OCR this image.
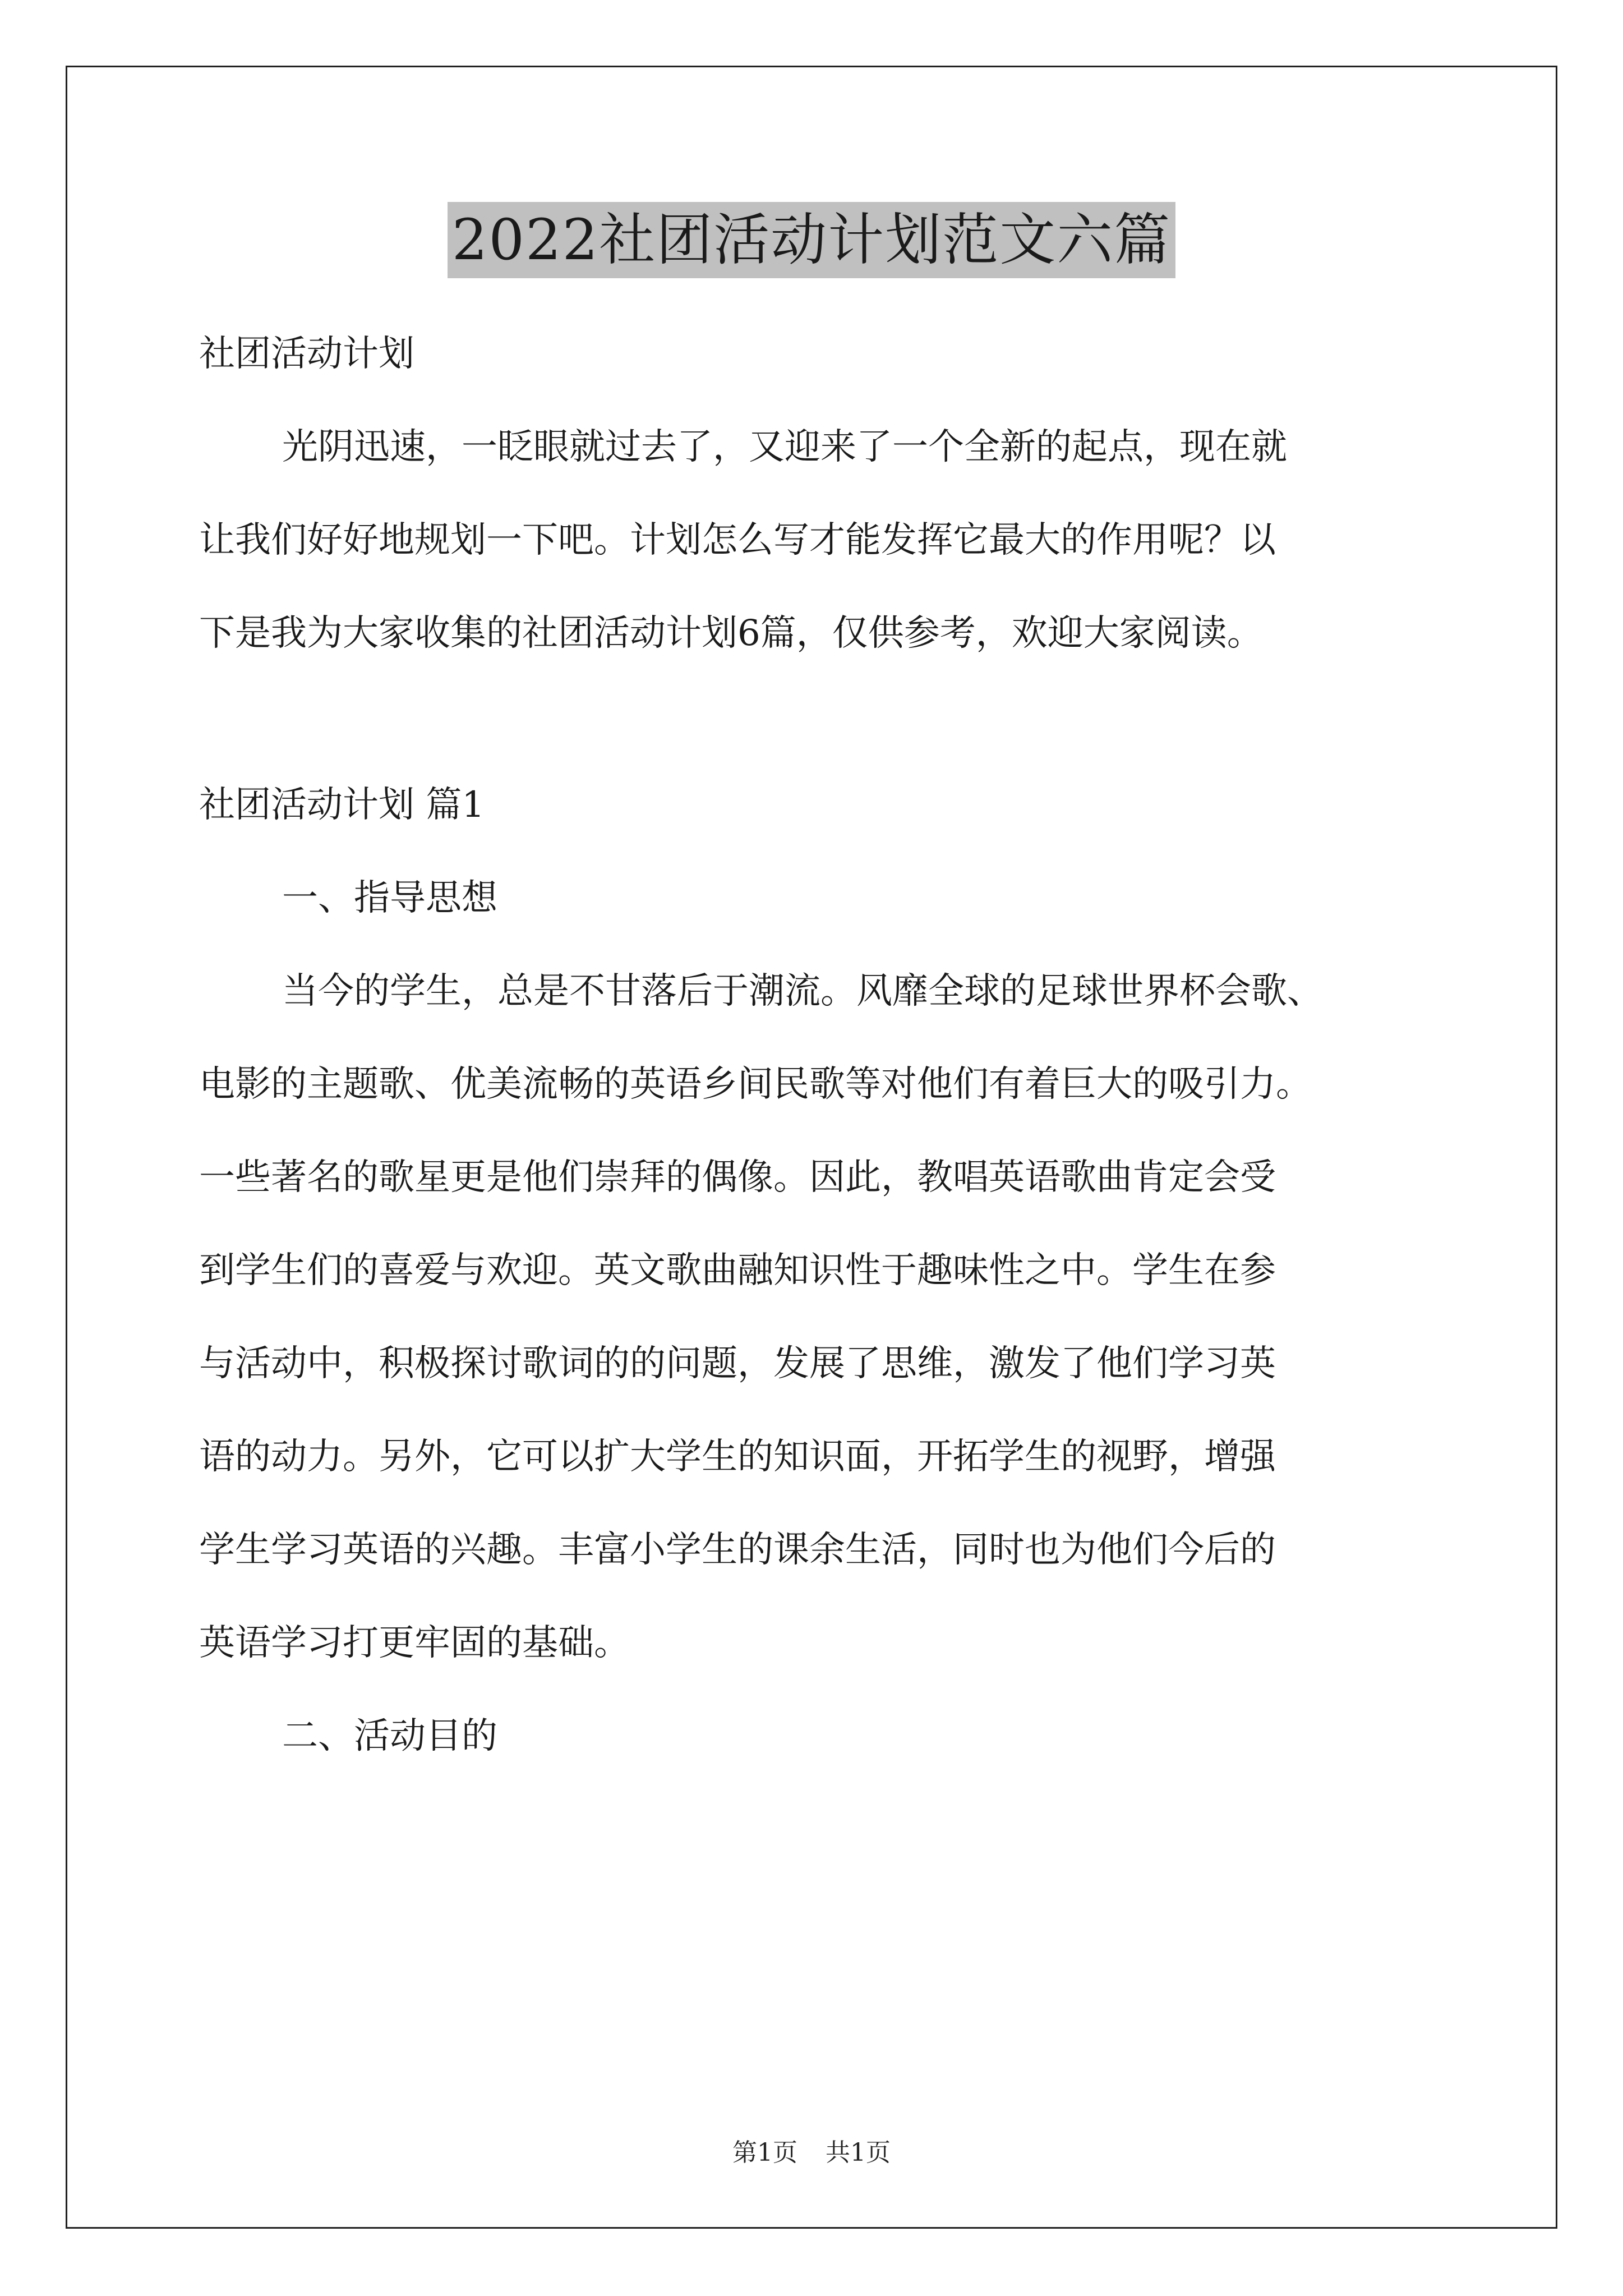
2022社团活动计划范文六篇
社团活动计划
光阴迅速，一眨眼就过去了，又迎来了一个全新的起点，现在就
让我们好好地规划一下吧。计划怎么写才能发挥它最大的作用呢？以
下是我为大家收集的社团活动计划6篇，仅供参考，欢迎大家阅读。
社团活动计划 篇1
一、指导思想
当今的学生，总是不甘落后于潮流。风靡全球的足球世界杯会歌、
电影的主题歌、优美流畅的英语乡间民歌等对他们有着巨大的吸引力。
一些著名的歌星更是他们崇拜的偶像。因此，教唱英语歌曲肯定会受
到学生们的喜爱与欢迎。英文歌曲融知识性于趣味性之中。学生在参
与活动中，积极探讨歌词的的问题，发展了思维，激发了他们学习英
语的动力。另外，它可以扩大学生的知识面，开拓学生的视野，增强
学生学习英语的兴趣。丰富小学生的课余生活，同时也为他们今后的
英语学习打更牢固的基础。
二、活动目的
第1页 共1页
